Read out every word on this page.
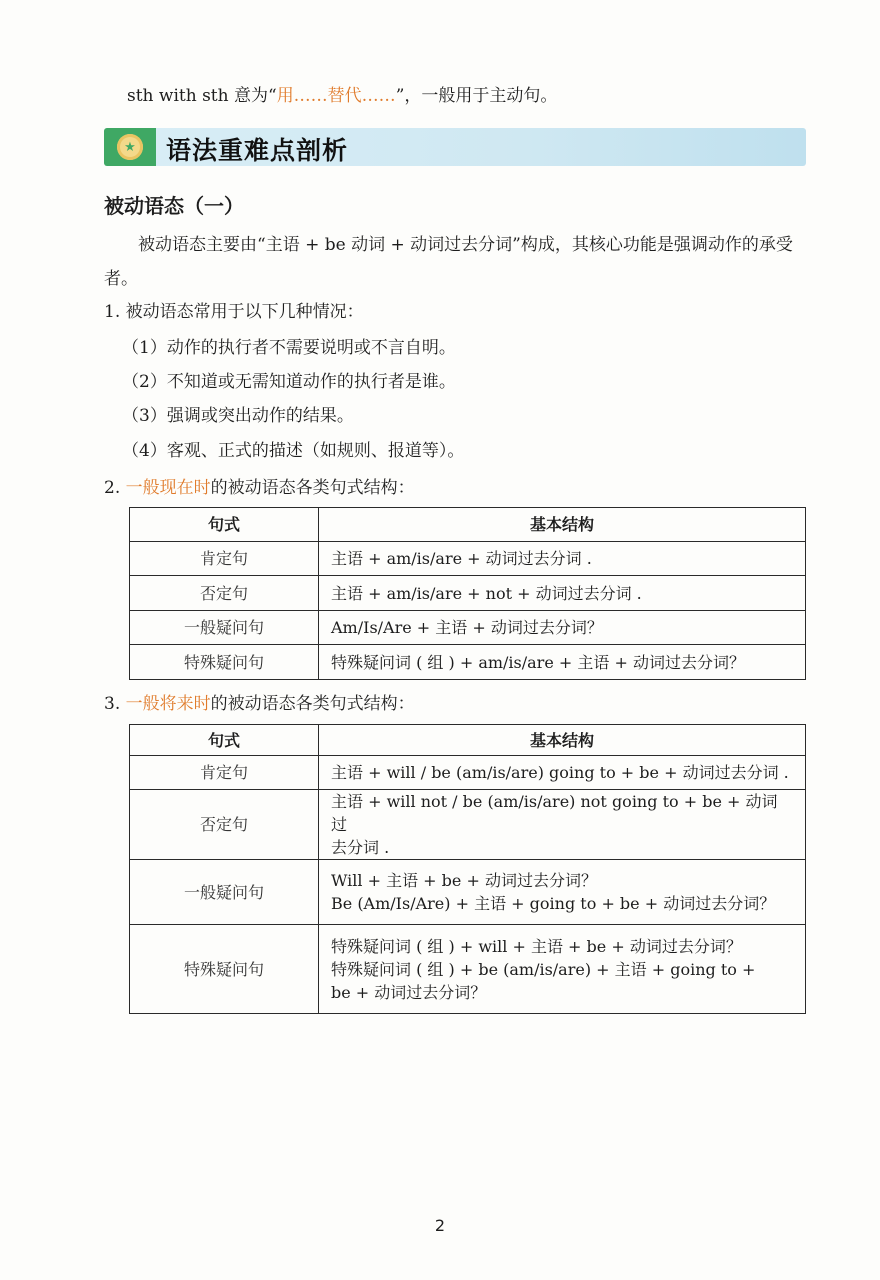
sth with sth 意为“用……替代……”，一般用于主动句。
★ 语法重难点剖析
被动语态（一）
被动语态主要由“主语 + be 动词 + 动词过去分词”构成，其核心功能是强调动作的承受者。
1. 被动语态常用于以下几种情况：
（1）动作的执行者不需要说明或不言自明。
（2）不知道或无需知道动作的执行者是谁。
（3）强调或突出动作的结果。
（4）客观、正式的描述（如规则、报道等）。
2. 一般现在时的被动语态各类句式结构：
句式	基本结构
肯定句	主语 + am/is/are + 动词过去分词 .
否定句	主语 + am/is/are + not + 动词过去分词 .
一般疑问句	Am/Is/Are + 主语 + 动词过去分词？
特殊疑问句	特殊疑问词 ( 组 ) + am/is/are + 主语 + 动词过去分词？
3. 一般将来时的被动语态各类句式结构：
句式	基本结构
肯定句	主语 + will / be (am/is/are) going to + be + 动词过去分词 .

否定句	主语 + will not / be (am/is/are) not going to + be + 动词过
去分词 .

一般疑问句	Will + 主语 + be + 动词过去分词？
Be (Am/Is/Are) + 主语 + going to + be + 动词过去分词？

特殊疑问句	特殊疑问词 ( 组 ) + will + 主语 + be + 动词过去分词？
特殊疑问词 ( 组 ) + be (am/is/are) + 主语 + going to +
be + 动词过去分词？
2
